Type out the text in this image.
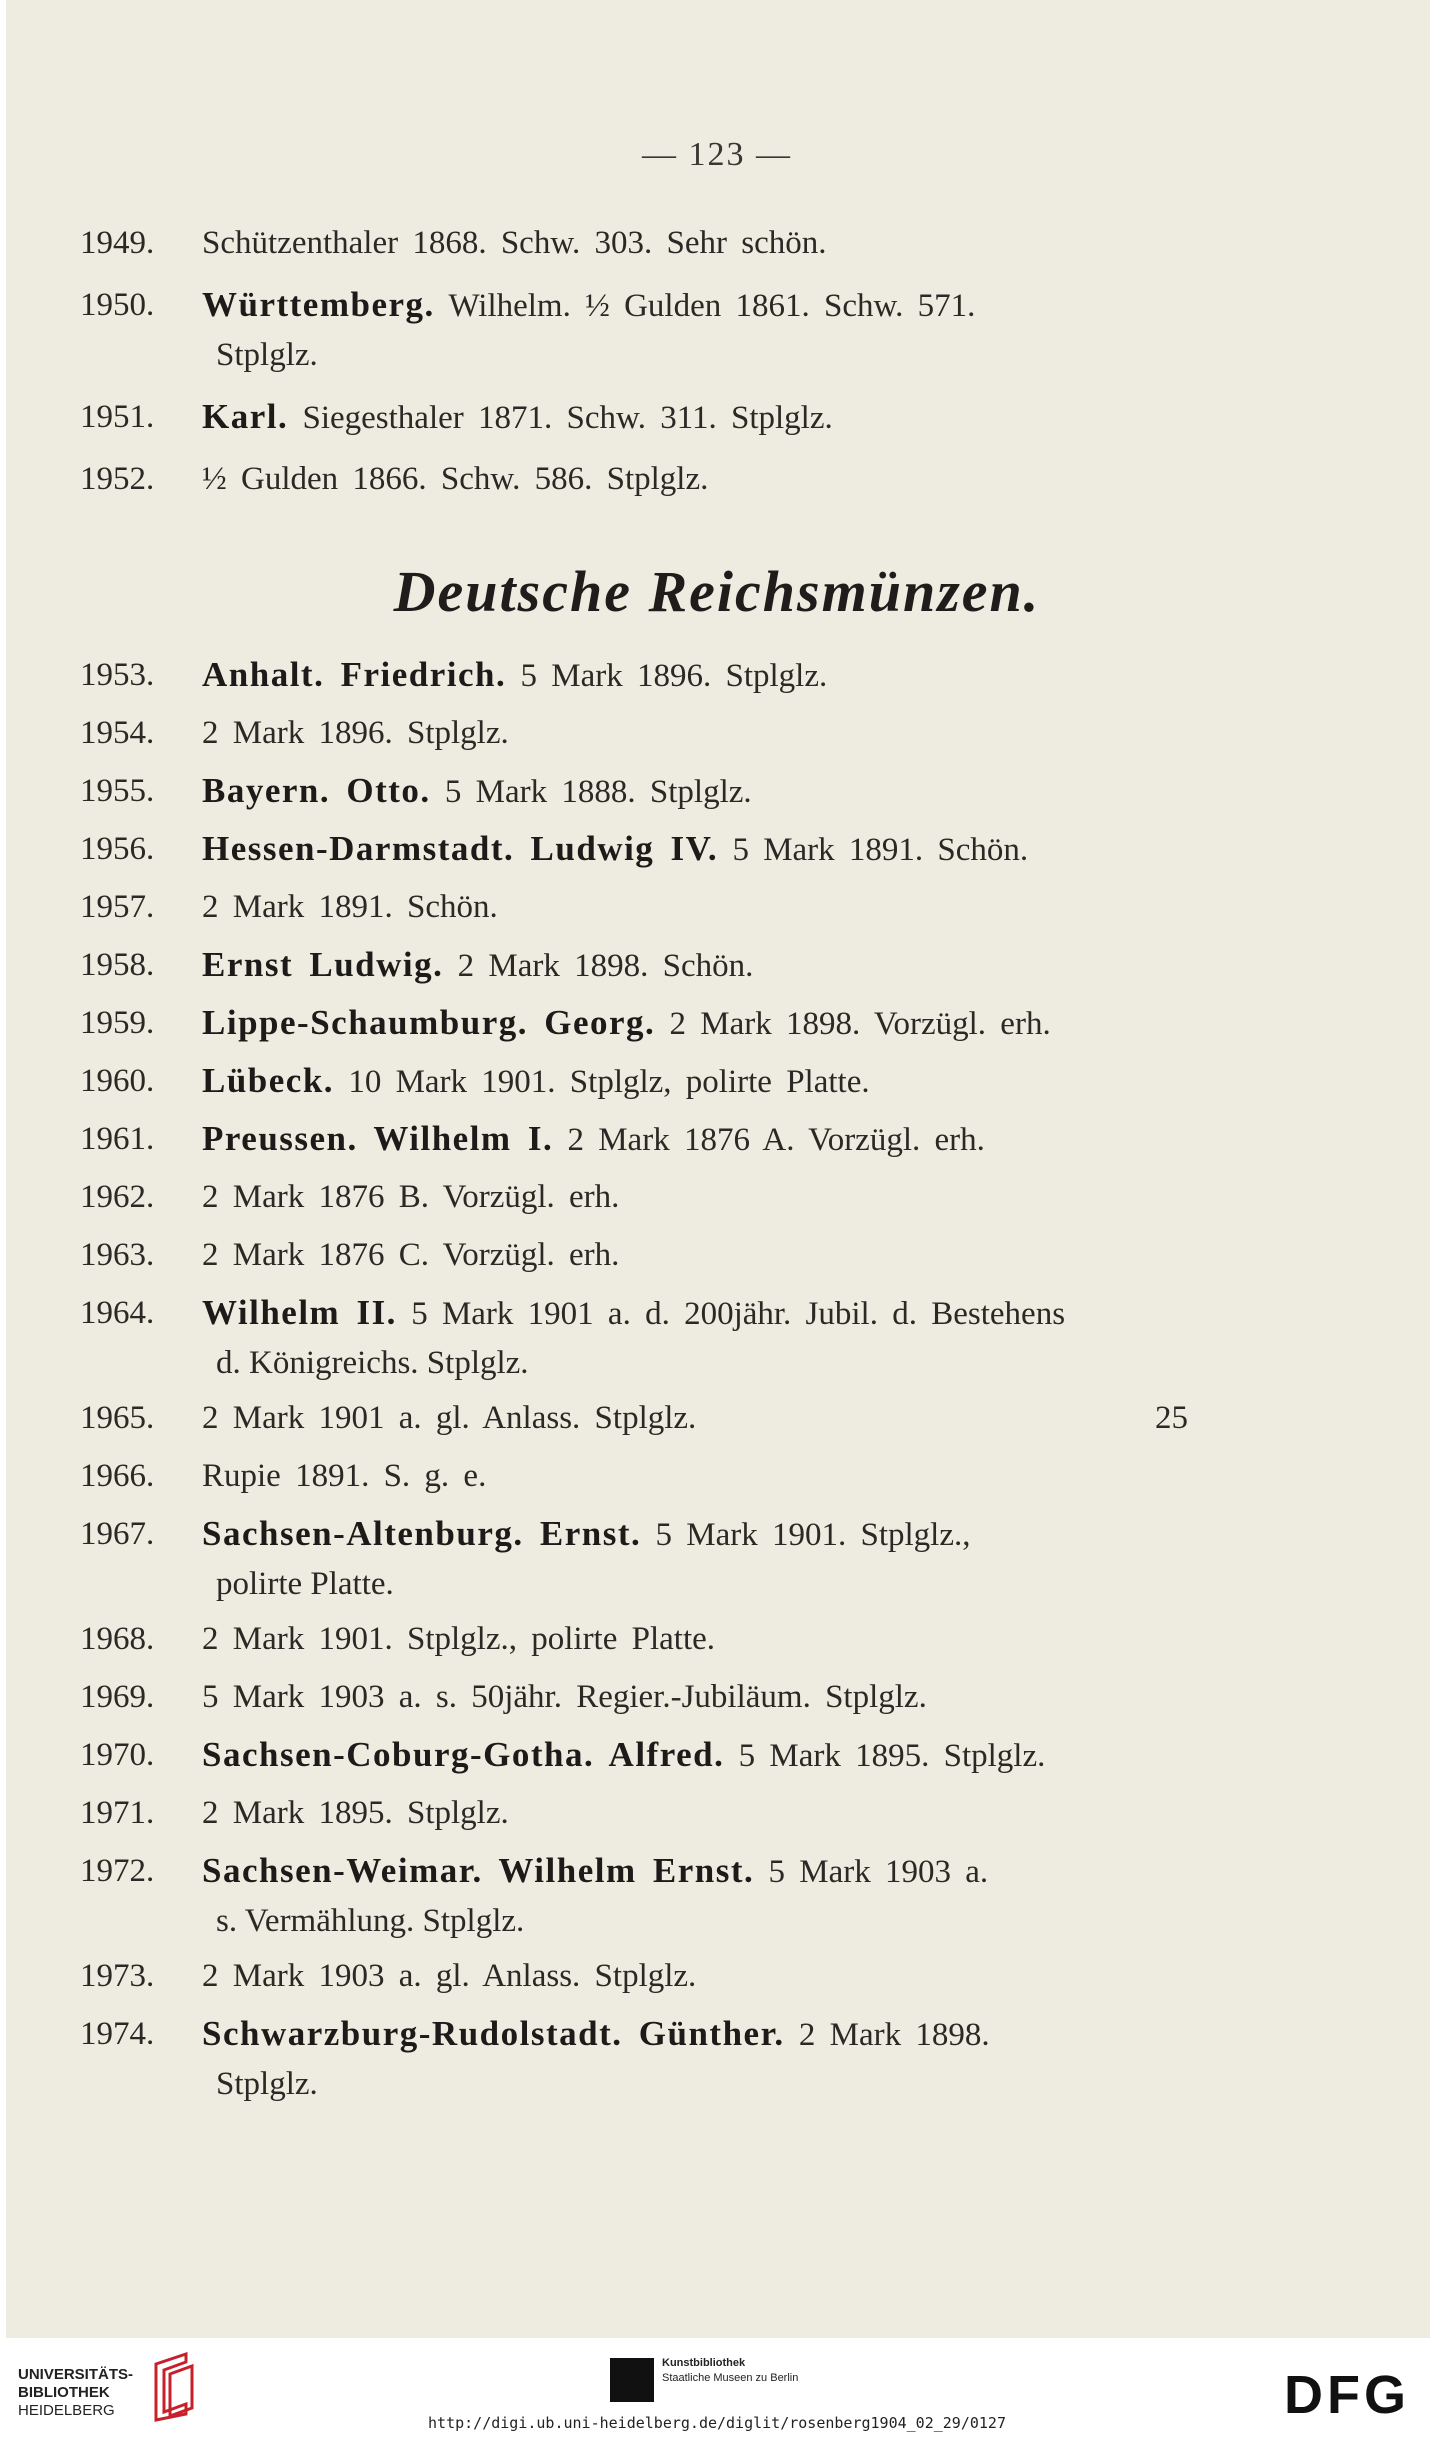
— 123 —
1949.	Schützenthaler 1868. Schw. 303. Sehr schön.
1950.	Württemberg. Wilhelm. ½ Gulden 1861. Schw. 571.
Stplglz.
1951.	Karl. Siegesthaler 1871. Schw. 311. Stplglz.
1952.	½ Gulden 1866. Schw. 586. Stplglz.
Deutsche Reichsmünzen.
1953.	Anhalt. Friedrich. 5 Mark 1896. Stplglz.
1954.	2 Mark 1896. Stplglz.
1955.	Bayern. Otto. 5 Mark 1888. Stplglz.
1956.	Hessen-Darmstadt. Ludwig IV. 5 Mark 1891. Schön.
1957.	2 Mark 1891. Schön.
1958.	Ernst Ludwig. 2 Mark 1898. Schön.
1959.	Lippe-Schaumburg. Georg. 2 Mark 1898. Vorzügl. erh.
1960.	Lübeck. 10 Mark 1901. Stplglz, polirte Platte.
1961.	Preussen. Wilhelm I. 2 Mark 1876 A. Vorzügl. erh.
1962.	2 Mark 1876 B. Vorzügl. erh.
1963.	2 Mark 1876 C. Vorzügl. erh.
1964.	Wilhelm II. 5 Mark 1901 a. d. 200jähr. Jubil. d. Bestehens
d. Königreichs. Stplglz.
1965.	2 Mark 1901 a. gl. Anlass. Stplglz.	25
1966.	Rupie 1891. S. g. e.
1967.	Sachsen-Altenburg. Ernst. 5 Mark 1901. Stplglz.,
polirte Platte.
1968.	2 Mark 1901. Stplglz., polirte Platte.
1969.	5 Mark 1903 a. s. 50jähr. Regier.-Jubiläum. Stplglz.
1970.	Sachsen-Coburg-Gotha. Alfred. 5 Mark 1895. Stplglz.
1971.	2 Mark 1895. Stplglz.
1972.	Sachsen-Weimar. Wilhelm Ernst. 5 Mark 1903 a.
s. Vermählung. Stplglz.
1973.	2 Mark 1903 a. gl. Anlass. Stplglz.
1974.	Schwarzburg-Rudolstadt. Günther. 2 Mark 1898.
Stplglz.
UNIVERSITÄTS-
BIBLIOTHEK
HEIDELBERG
Kunstbibliothek
Staatliche Museen zu Berlin
http://digi.ub.uni-heidelberg.de/diglit/rosenberg1904_02_29/0127	DFG
